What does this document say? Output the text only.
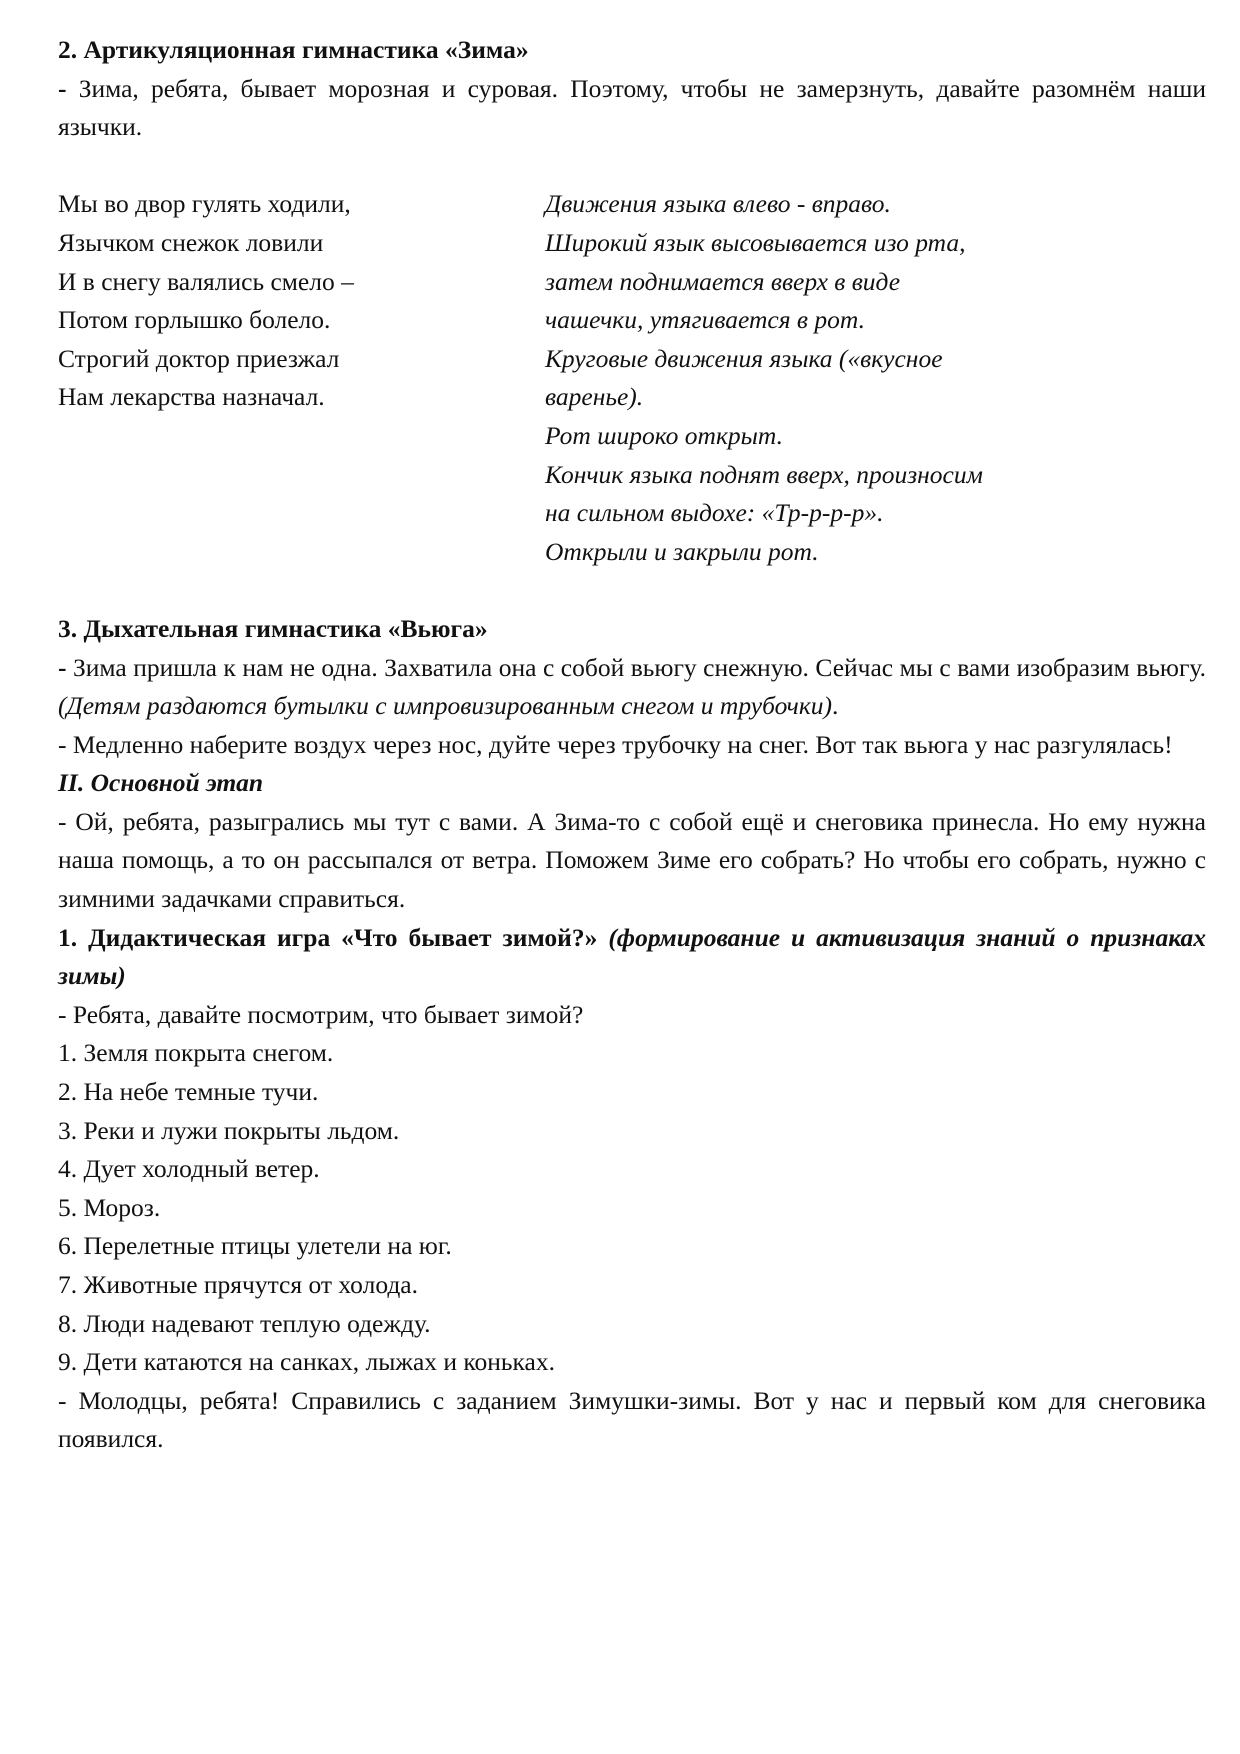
2. Артикуляционная гимнастика «Зима»

- Зима, ребята, бывает морозная и суровая. Поэтому, чтобы не замерзнуть, давайте разомнём наши язычки.

Мы во двор гулять ходили,
Язычком снежок ловили
И в снегу валялись смело –
Потом горлышко болело.
Строгий доктор приезжал
Нам лекарства назначал.
Движения языка влево - вправо.
Широкий язык высовывается изо рта,
затем поднимается вверх в виде
чашечки, утягивается в рот.
Круговые движения языка («вкусное
варенье).
Рот широко открыт.
Кончик языка поднят вверх, произносим
на сильном выдохе: «Тр-р-р-р».
Открыли и закрыли рот.

3. Дыхательная гимнастика «Вьюга»

- Зима пришла к нам не одна. Захватила она с собой вьюгу снежную. Сейчас мы с вами изобразим вьюгу. (Детям раздаются бутылки с импровизированным снегом и трубочки).

- Медленно наберите воздух через нос, дуйте через трубочку на снег. Вот так вьюга у нас разгулялась!

II. Основной этап

- Ой, ребята, разыгрались мы тут с вами. А Зима-то с собой ещё и снеговика принесла. Но ему нужна наша помощь, а то он рассыпался от ветра. Поможем Зиме его собрать? Но чтобы его собрать, нужно с зимними задачками справиться.

1. Дидактическая игра «Что бывает зимой?» (формирование и активизация знаний о признаках зимы)

- Ребята, давайте посмотрим, что бывает зимой?

1. Земля покрыта снегом.
2. На небе темные тучи.
3. Реки и лужи покрыты льдом.
4. Дует холодный ветер.
5. Мороз.
6. Перелетные птицы улетели на юг.
7. Животные прячутся от холода.
8. Люди надевают теплую одежду.
9. Дети катаются на санках, лыжах и коньках.

- Молодцы, ребята! Справились с заданием Зимушки-зимы. Вот у нас и первый ком для снеговика появился.
